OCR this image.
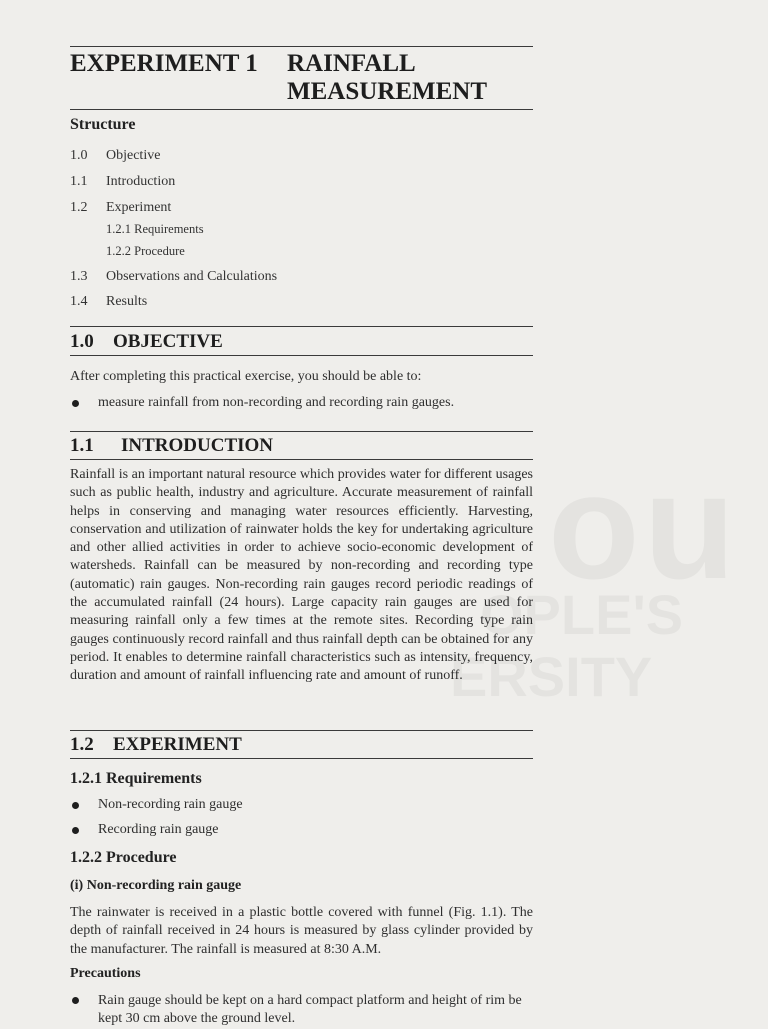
EXPERIMENT 1	RAINFALL
MEASUREMENT
Structure
1.0 Objective
1.1 Introduction
1.2 Experiment
1.2.1 Requirements
1.2.2 Procedure
1.3 Observations and Calculations
1.4 Results
1.0 OBJECTIVE
After completing this practical exercise, you should be able to:
measure rainfall from non-recording and recording rain gauges.
1.1 INTRODUCTION

Rainfall is an important natural resource which provides water for different usages such as public health, industry and agriculture. Accurate measurement of rainfall helps in conserving and managing water resources efficiently. Harvesting, conservation and utilization of rainwater holds the key for undertaking agriculture and other allied activities in order to achieve socio-economic development of watersheds. Rainfall can be measured by non-recording and recording type (automatic) rain gauges. Non-recording rain gauges record periodic readings of the accumulated rainfall (24 hours). Large capacity rain gauges are used for measuring rainfall only a few times at the remote sites. Recording type rain gauges continuously record rainfall and thus rainfall depth can be obtained for any period. It enables to determine rainfall characteristics such as intensity, frequency, duration and amount of rainfall influencing rate and amount of runoff.

1.2 EXPERIMENT
1.2.1 Requirements
Non-recording rain gauge
Recording rain gauge
1.2.2 Procedure
(i) Non-recording rain gauge

The rainwater is received in a plastic bottle covered with funnel (Fig. 1.1). The depth of rainfall received in 24 hours is measured by glass cylinder provided by the manufacturer. The rainfall is measured at 8:30 A.M.

Precautions

Rain gauge should be kept on a hard compact platform and height of rim be kept 30 cm above the ground level.
